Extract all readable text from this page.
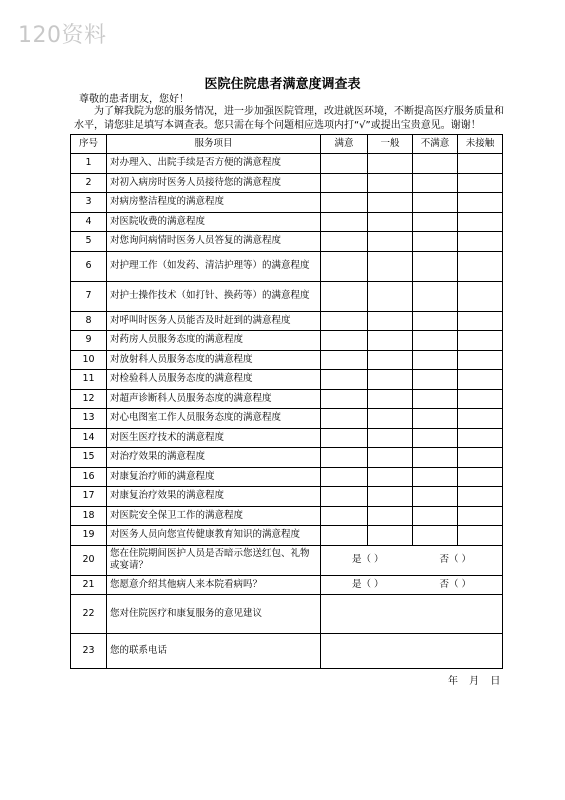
120资料
医院住院患者满意度调查表
尊敬的患者朋友，您好！
为了解我院为您的服务情况，进一步加强医院管理，改进就医环境，不断提高医疗服务质量和水平，请您驻足填写本调查表。您只需在每个问题相应选项内打“√”或提出宝贵意见。谢谢！
序号	服务项目	满意	一般	不满意	未接触
1	对办理入、出院手续是否方便的满意程度				
2	对初入病房时医务人员接待您的满意程度				
3	对病房整洁程度的满意程度				
4	对医院收费的满意程度				
5	对您询问病情时医务人员答复的满意程度				
6	对护理工作（如发药、清洁护理等）的满意程度				
7	对护士操作技术（如打针、换药等）的满意程度				
8	对呼叫时医务人员能否及时赶到的满意程度				
9	对药房人员服务态度的满意程度				
10	对放射科人员服务态度的满意程度				
11	对检验科人员服务态度的满意程度				
12	对超声诊断科人员服务态度的满意程度				
13	对心电图室工作人员服务态度的满意程度				
14	对医生医疗技术的满意程度				
15	对治疗效果的满意程度				
16	对康复治疗师的满意程度				
17	对康复治疗效果的满意程度				
18	对医院安全保卫工作的满意程度				
19	对医务人员向您宣传健康教育知识的满意程度				
20	您在住院期间医护人员是否暗示您送红包、礼物或宴请？	是（ ） 否（ ）			
21	您愿意介绍其他病人来本院看病吗？	是（ ） 否（ ）			
22	您对住院医疗和康复服务的意见建议				
23	您的联系电话				
年 月 日
